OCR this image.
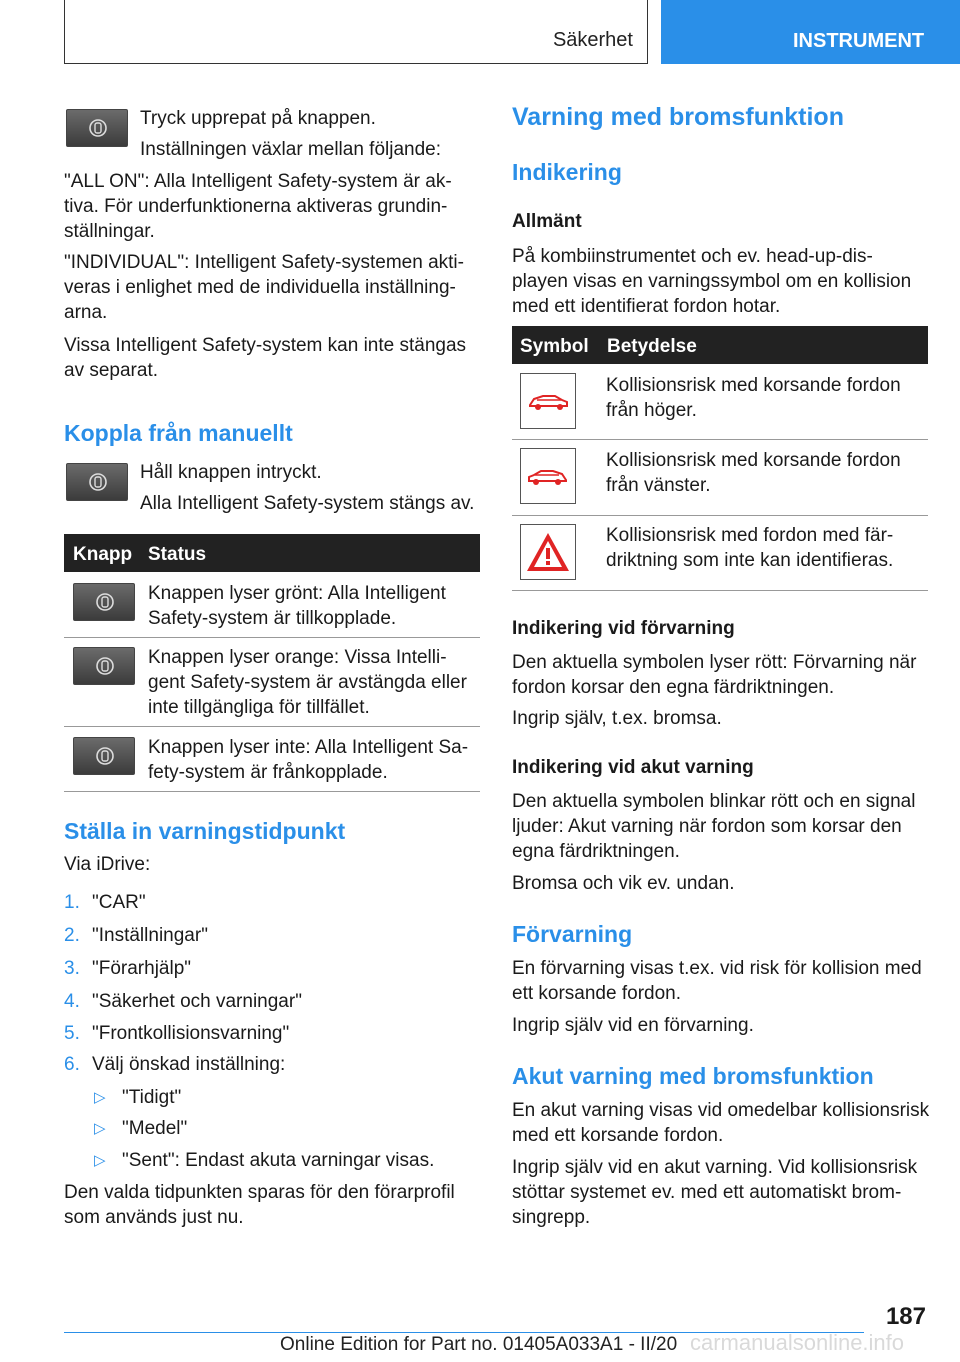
Säkerhet	INSTRUMENT

Tryck upprepat på knappen.

Inställningen växlar mellan följande:

"ALL ON": Alla Intelligent Safety-system är ak-

tiva. För underfunktionerna aktiveras grundin-

ställningar.

"INDIVIDUAL": Intelligent Safety-systemen akti-

veras i enlighet med de individuella inställning-

arna.

Vissa Intelligent Safety-system kan inte stängas

av separat.

Koppla från manuellt

Håll knappen intryckt.

Alla Intelligent Safety-system stängs av.

Knapp Status

Knappen lyser grönt: Alla Intelligent

Safety-system är tillkopplade.

Knappen lyser orange: Vissa Intelli-

gent Safety-system är avstängda eller

inte tillgängliga för tillfället.

Knappen lyser inte: Alla Intelligent Sa-

fety-system är frånkopplade.

Ställa in varningstidpunkt

Via iDrive:

1. "CAR"

2. "Inställningar"

3. "Förarhjälp"

4. "Säkerhet och varningar"

5. "Frontkollisionsvarning"

6. Välj önskad inställning:

▷ "Tidigt"

▷ "Medel"

▷ "Sent": Endast akuta varningar visas.

Den valda tidpunkten sparas för den förarprofil

som används just nu.

Varning med bromsfunktion
Indikering
Allmänt

På kombiinstrumentet och ev. head-up-dis-

playen visas en varningssymbol om en kollision

med ett identifierat fordon hotar.

Symbol Betydelse

Kollisionsrisk med korsande fordon

från höger.

Kollisionsrisk med korsande fordon

från vänster.

Kollisionsrisk med fordon med fär-

driktning som inte kan identifieras.

Indikering vid förvarning

Den aktuella symbolen lyser rött: Förvarning när

fordon korsar den egna färdriktningen.

Ingrip själv, t.ex. bromsa.

Indikering vid akut varning

Den aktuella symbolen blinkar rött och en signal

ljuder: Akut varning när fordon som korsar den

egna färdriktningen.

Bromsa och vik ev. undan.

Förvarning

En förvarning visas t.ex. vid risk för kollision med

ett korsande fordon.

Ingrip själv vid en förvarning.

Akut varning med bromsfunktion

En akut varning visas vid omedelbar kollisionsrisk

med ett korsande fordon.

Ingrip själv vid en akut varning. Vid kollisionsrisk

stöttar systemet ev. med ett automatiskt brom-

singrepp.

187
Online Edition for Part no. 01405A033A1 - II/20 carmanualsonline.info
